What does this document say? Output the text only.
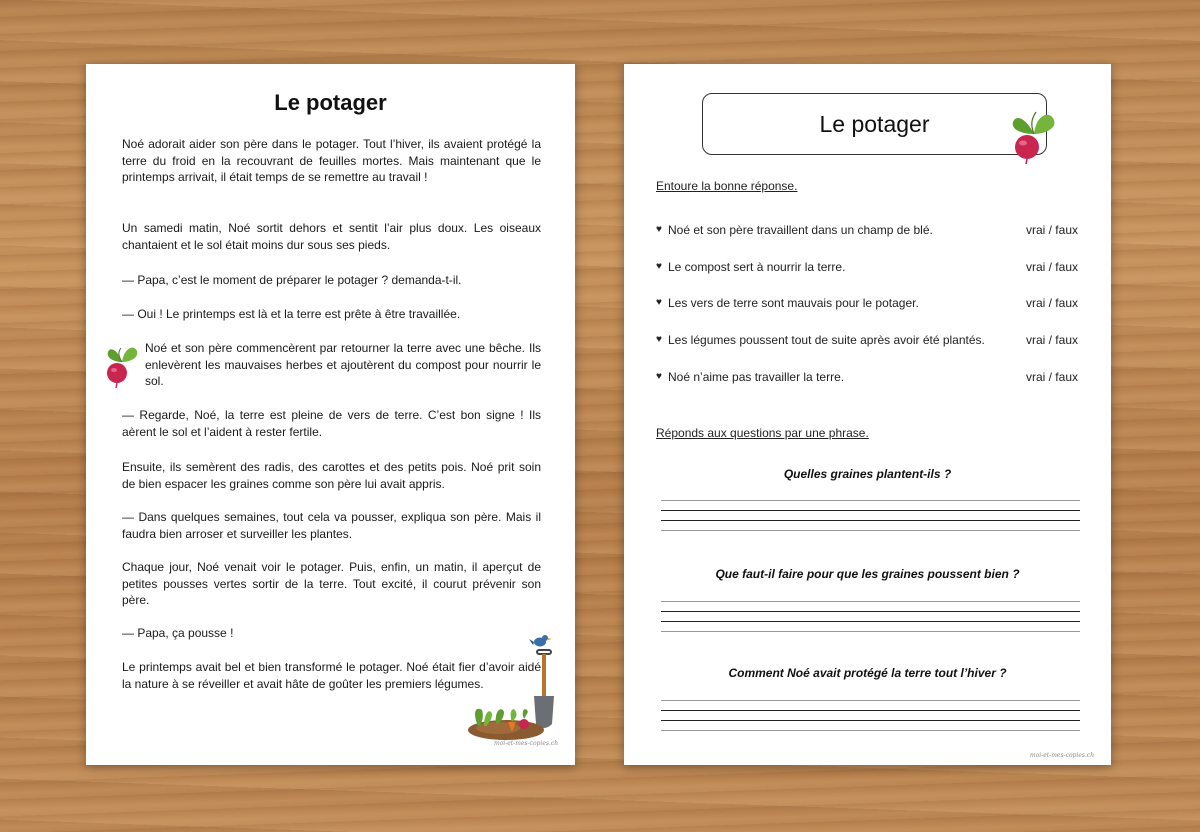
Le potager

Noé adorait aider son père dans le potager. Tout l’hiver, ils avaient protégé la terre du froid en la recouvrant de feuilles mortes. Mais maintenant que le printemps arrivait, il était temps de se remettre au travail !

Un samedi matin, Noé sortit dehors et sentit l’air plus doux. Les oiseaux chantaient et le sol était moins dur sous ses pieds.

— Papa, c’est le moment de préparer le potager ? demanda-t-il.

— Oui ! Le printemps est là et la terre est prête à être travaillée.

Noé et son père commencèrent par retourner la terre avec une bêche. Ils enlevèrent les mauvaises herbes et ajoutèrent du compost pour nourrir le sol.

— Regarde, Noé, la terre est pleine de vers de terre. C’est bon signe ! Ils aèrent le sol et l’aident à rester fertile.

Ensuite, ils semèrent des radis, des carottes et des petits pois. Noé prit soin de bien espacer les graines comme son père lui avait appris.

— Dans quelques semaines, tout cela va pousser, expliqua son père. Mais il faudra bien arroser et surveiller les plantes.

Chaque jour, Noé venait voir le potager. Puis, enfin, un matin, il aperçut de petites pousses vertes sortir de la terre. Tout excité, il courut prévenir son père.

— Papa, ça pousse !

Le printemps avait bel et bien transformé le potager. Noé était fier d’avoir aidé la nature à se réveiller et avait hâte de goûter les premiers légumes.

moi-et-mes-copies.ch
Le potager
Entoure la bonne réponse.
♥ Noé et son père travaillent dans un champ de blé.	vrai / faux
♥ Le compost sert à nourrir la terre.	vrai / faux
♥ Les vers de terre sont mauvais pour le potager.	vrai / faux
♥ Les légumes poussent tout de suite après avoir été plantés.	vrai / faux
♥ Noé n’aime pas travailler la terre.	vrai / faux
Réponds aux questions par une phrase.
Quelles graines plantent-ils ?
Que faut-il faire pour que les graines poussent bien ?
Comment Noé avait protégé la terre tout l’hiver ?
moi-et-mes-copies.ch
